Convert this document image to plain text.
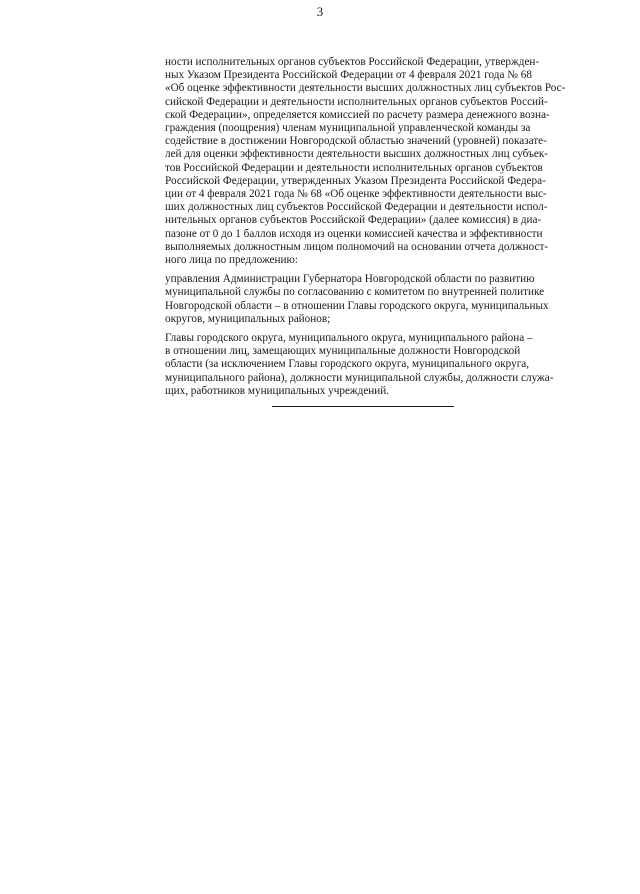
3

ности исполнительных органов субъектов Российской Федерации, утвержден-
ных Указом Президента Российской Федерации от 4 февраля 2021 года № 68
«Об оценке эффективности деятельности высших должностных лиц субъектов Рос-
сийской Федерации и деятельности исполнительных органов субъектов Россий-
ской Федерации», определяется комиссией по расчету размера денежного возна-
граждения (поощрения) членам муниципальной управленческой команды за
содействие в достижении Новгородской областью значений (уровней) показате-
лей для оценки эффективности деятельности высших должностных лиц субъек-
тов Российской Федерации и деятельности исполнительных органов субъектов
Российской Федерации, утвержденных Указом Президента Российской Федера-
ции от 4 февраля 2021 года № 68 «Об оценке эффективности деятельности выс-
ших должностных лиц субъектов Российской Федерации и деятельности испол-
нительных органов субъектов Российской Федерации» (далее комиссия) в диа-
пазоне от 0 до 1 баллов исходя из оценки комиссией качества и эффективности
выполняемых должностным лицом полномочий на основании отчета должност-
ного лица по предложению:

управления Администрации Губернатора Новгородской области по развитию
муниципальной службы по согласованию с комитетом по внутренней политике
Новгородской области – в отношении Главы городского округа, муниципальных
округов, муниципальных районов;

Главы городского округа, муниципального округа, муниципального района –
в отношении лиц, замещающих муниципальные должности Новгородской
области (за исключением Главы городского округа, муниципального округа,
муниципального района), должности муниципальной службы, должности служа-
щих, работников муниципальных учреждений.
